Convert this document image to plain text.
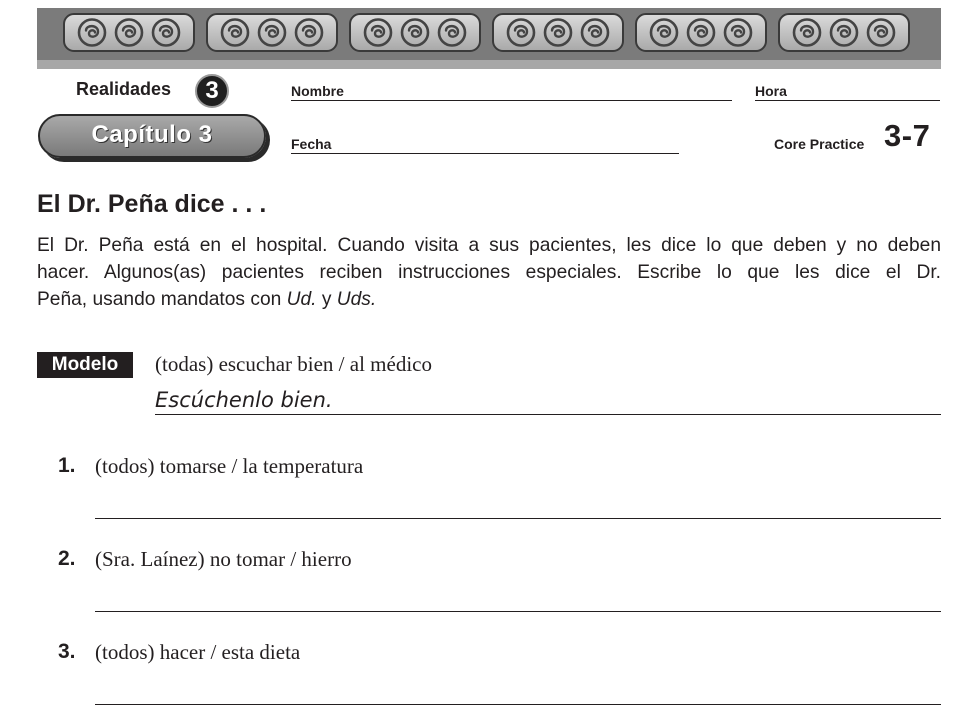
Realidades	3
Capítulo 3
Nombre	Hora
Fecha	Core Practice 3-7
El Dr. Peña dice . . .
El Dr. Peña está en el hospital. Cuando visita a sus pacientes, les dice lo que deben y no deben
hacer. Algunos(as) pacientes reciben instrucciones especiales. Escribe lo que les dice el Dr.
Peña, usando mandatos con Ud. y Uds.
Modelo	(todas) escuchar bien / al médico
Escúchenlo bien.
1. (todos) tomarse / la temperatura
2. (Sra. Laínez) no tomar / hierro
3. (todos) hacer / esta dieta
